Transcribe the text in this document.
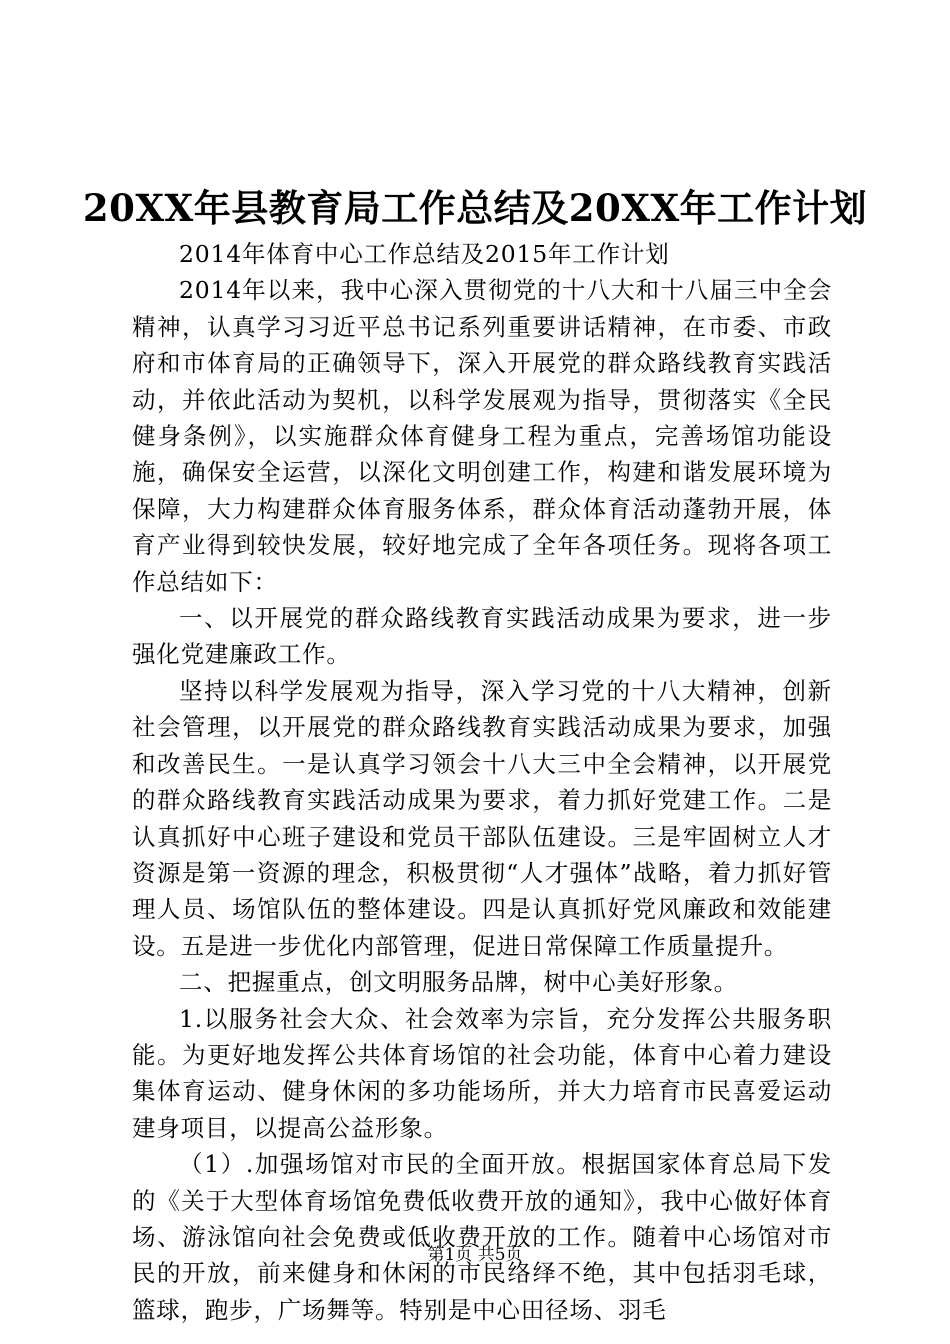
20XX年县教育局工作总结及20XX年工作计划

2014年体育中心工作总结及2015年工作计划

2014年以来，我中心深入贯彻党的十八大和十八届三中全会精神，认真学习习近平总书记系列重要讲话精神，在市委、市政府和市体育局的正确领导下，深入开展党的群众路线教育实践活动，并依此活动为契机，以科学发展观为指导，贯彻落实《全民健身条例》，以实施群众体育健身工程为重点，完善场馆功能设施，确保安全运营，以深化文明创建工作，构建和谐发展环境为保障，大力构建群众体育服务体系，群众体育活动蓬勃开展，体育产业得到较快发展，较好地完成了全年各项任务。现将各项工作总结如下：

一、以开展党的群众路线教育实践活动成果为要求，进一步强化党建廉政工作。

坚持以科学发展观为指导，深入学习党的十八大精神，创新社会管理，以开展党的群众路线教育实践活动成果为要求，加强和改善民生。一是认真学习领会十八大三中全会精神，以开展党的群众路线教育实践活动成果为要求，着力抓好党建工作。二是认真抓好中心班子建设和党员干部队伍建设。三是牢固树立人才资源是第一资源的理念，积极贯彻“人才强体”战略，着力抓好管理人员、场馆队伍的整体建设。四是认真抓好党风廉政和效能建设。五是进一步优化内部管理，促进日常保障工作质量提升。

二、把握重点，创文明服务品牌，树中心美好形象。

1.以服务社会大众、社会效率为宗旨，充分发挥公共服务职能。为更好地发挥公共体育场馆的社会功能，体育中心着力建设集体育运动、健身休闲的多功能场所，并大力培育市民喜爱运动建身项目，以提高公益形象。

（1）.加强场馆对市民的全面开放。根据国家体育总局下发的《关于大型体育场馆免费低收费开放的通知》，我中心做好体育场、游泳馆向社会免费或低收费开放的工作。随着中心场馆对市民的开放，前来健身和休闲的市民络绎不绝，其中包括羽毛球，篮球，跑步，广场舞等。特别是中心田径场、羽毛

第1页 共5页
